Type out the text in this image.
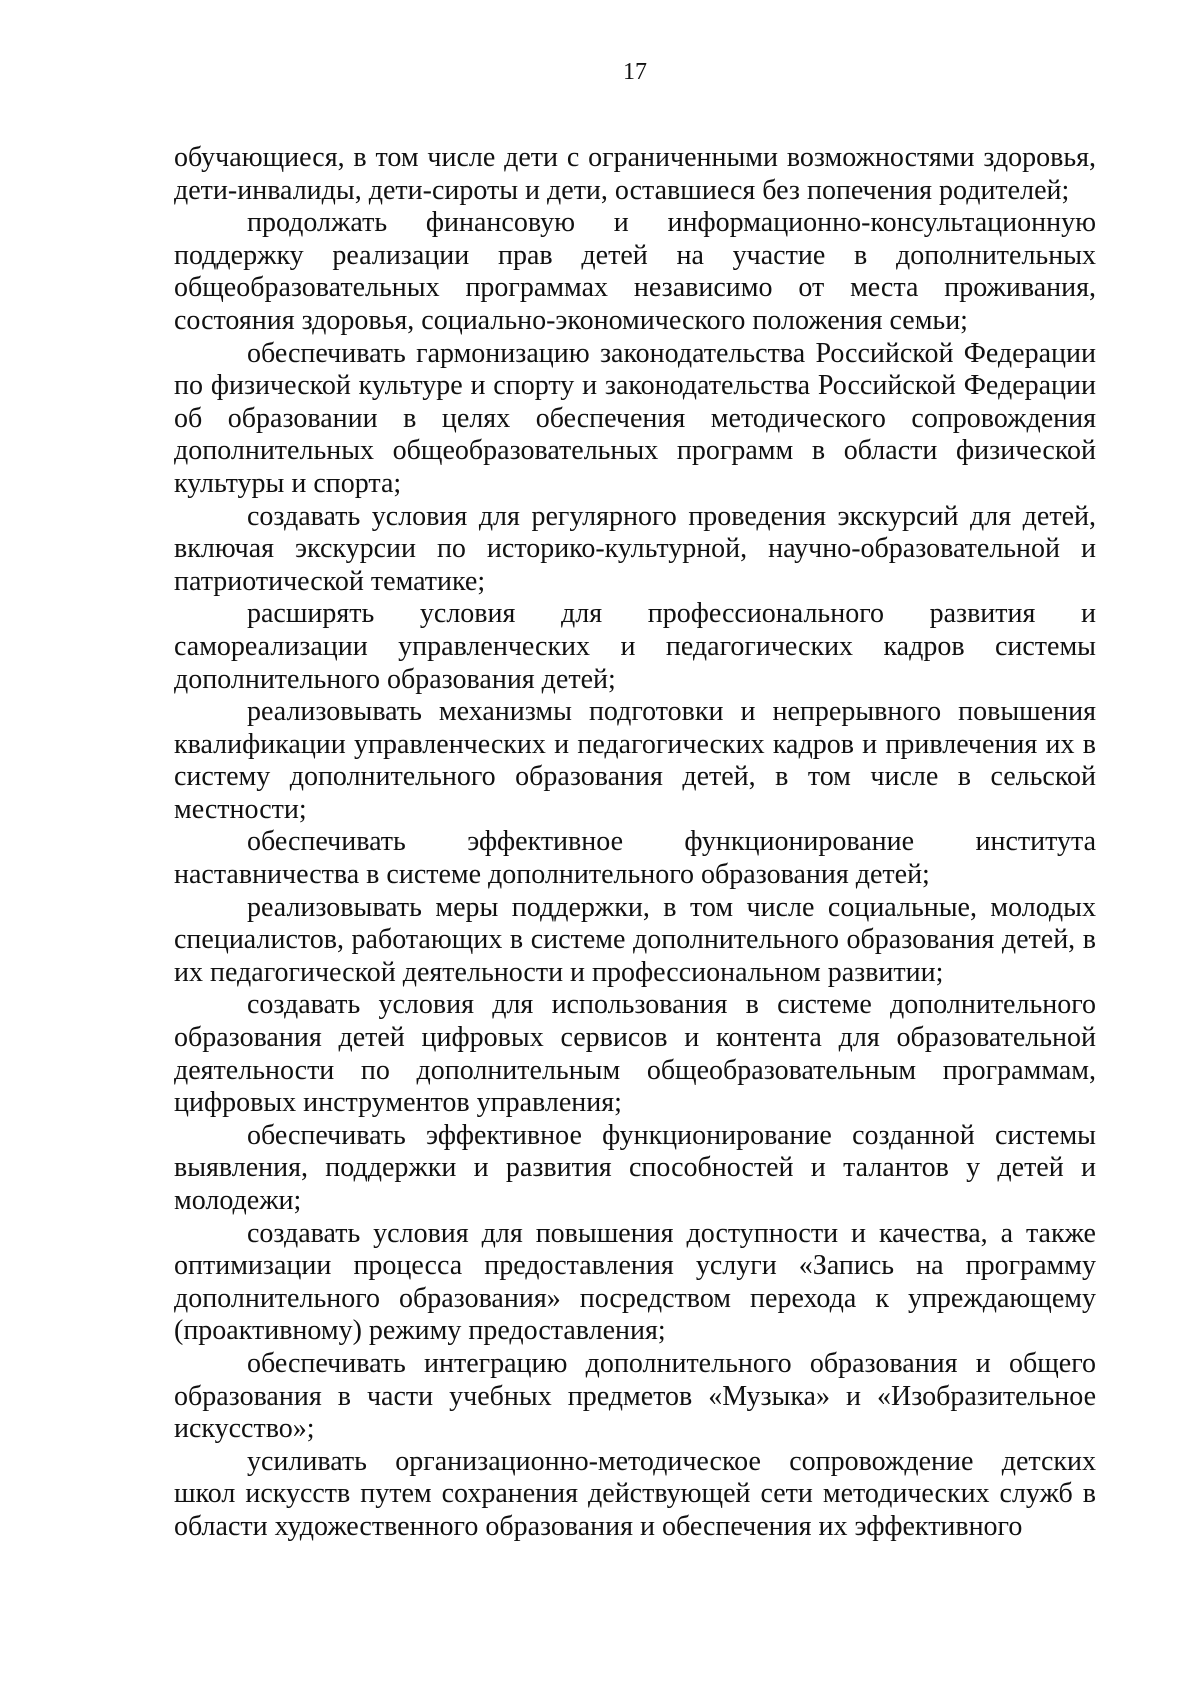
17

обучающиеся, в том числе дети с ограниченными возможностями здоровья, дети-инвалиды, дети-сироты и дети, оставшиеся без попечения родителей;

продолжать финансовую и информационно-консультационную поддержку реализации прав детей на участие в дополнительных общеобразовательных программах независимо от места проживания, состояния здоровья, социально-экономического положения семьи;

обеспечивать гармонизацию законодательства Российской Федерации по физической культуре и спорту и законодательства Российской Федерации об образовании в целях обеспечения методического сопровождения дополнительных общеобразовательных программ в области физической культуры и спорта;

создавать условия для регулярного проведения экскурсий для детей, включая экскурсии по историко-культурной, научно-образовательной и патриотической тематике;

расширять условия для профессионального развития и самореализации управленческих и педагогических кадров системы дополнительного образования детей;

реализовывать механизмы подготовки и непрерывного повышения квалификации управленческих и педагогических кадров и привлечения их в систему дополнительного образования детей, в том числе в сельской местности;

обеспечивать эффективное функционирование института наставничества в системе дополнительного образования детей;

реализовывать меры поддержки, в том числе социальные, молодых специалистов, работающих в системе дополнительного образования детей, в их педагогической деятельности и профессиональном развитии;

создавать условия для использования в системе дополнительного образования детей цифровых сервисов и контента для образовательной деятельности по дополнительным общеобразовательным программам, цифровых инструментов управления;

обеспечивать эффективное функционирование созданной системы выявления, поддержки и развития способностей и талантов у детей и молодежи;

создавать условия для повышения доступности и качества, а также оптимизации процесса предоставления услуги «Запись на программу дополнительного образования» посредством перехода к упреждающему (проактивному) режиму предоставления;

обеспечивать интеграцию дополнительного образования и общего образования в части учебных предметов «Музыка» и «Изобразительное искусство»;

усиливать организационно-методическое сопровождение детских школ искусств путем сохранения действующей сети методических служб в области художественного образования и обеспечения их эффективного
